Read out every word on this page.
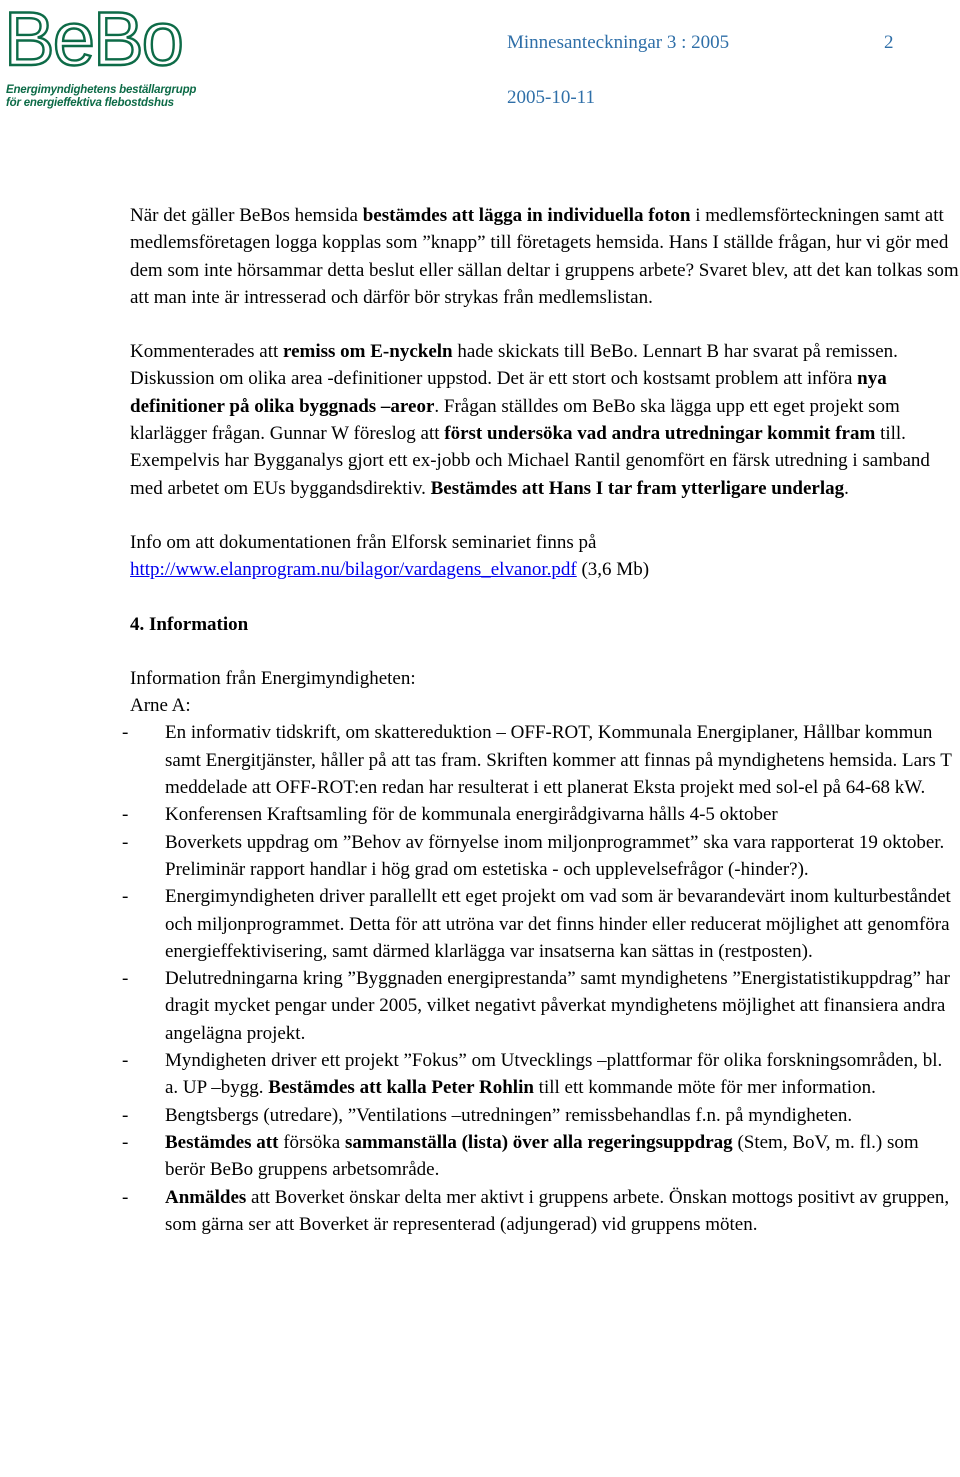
BeBo
Energimyndighetens beställargrupp
för energieffektiva flebostdshus
Minnesanteckningar 3 : 2005	2
2005-10-11

När det gäller BeBos hemsida bestämdes att lägga in individuella foton i medlemsförteckningen samt att medlemsföretagen logga kopplas som ”knapp” till företagets hemsida. Hans I ställde frågan, hur vi gör med dem som inte hörsammar detta beslut eller sällan deltar i gruppens arbete? Svaret blev, att det kan tolkas som att man inte är intresserad och därför bör strykas från medlemslistan.

Kommenterades att remiss om E-nyckeln hade skickats till BeBo. Lennart B har svarat på remissen.

Diskussion om olika area -definitioner uppstod. Det är ett stort och kostsamt problem att införa nya definitioner på olika byggnads –areor. Frågan ställdes om BeBo ska lägga upp ett eget projekt som klarlägger frågan. Gunnar W föreslog att först undersöka vad andra utredningar kommit fram till. Exempelvis har Bygganalys gjort ett ex-jobb och Michael Rantil genomfört en färsk utredning i samband med arbetet om EUs byggandsdirektiv. Bestämdes att Hans I tar fram ytterligare underlag.

Info om att dokumentationen från Elforsk seminariet finns på http://www.elanprogram.nu/bilagor/vardagens_elvanor.pdf (3,6 Mb)

4. Information

Information från Energimyndigheten:

Arne A:

- En informativ tidskrift, om skattereduktion – OFF-ROT, Kommunala Energiplaner, Hållbar kommun samt Energitjänster, håller på att tas fram. Skriften kommer att finnas på myndighetens hemsida. Lars T meddelade att OFF-ROT:en redan har resulterat i ett planerat Eksta projekt med sol-el på 64-68 kW.
- Konferensen Kraftsamling för de kommunala energirådgivarna hålls 4-5 oktober
- Boverkets uppdrag om ”Behov av förnyelse inom miljonprogrammet” ska vara rapporterat 19 oktober. Preliminär rapport handlar i hög grad om estetiska - och upplevelsefrågor (-hinder?).
- Energimyndigheten driver parallellt ett eget projekt om vad som är bevarandevärt inom kulturbeståndet och miljonprogrammet. Detta för att utröna var det finns hinder eller reducerat möjlighet att genomföra energieffektivisering, samt därmed klarlägga var insatserna kan sättas in (restposten).
- Delutredningarna kring ”Byggnaden energiprestanda” samt myndighetens ”Energistatistikuppdrag” har dragit mycket pengar under 2005, vilket negativt påverkat myndighetens möjlighet att finansiera andra angelägna projekt.
- Myndigheten driver ett projekt ”Fokus” om Utvecklings –plattformar för olika forskningsområden, bl. a. UP –bygg. Bestämdes att kalla Peter Rohlin till ett kommande möte för mer information.
- Bengtsbergs (utredare), ”Ventilations –utredningen” remissbehandlas f.n. på myndigheten.
- Bestämdes att försöka sammanställa (lista) över alla regeringsuppdrag (Stem, BoV, m. fl.) som berör BeBo gruppens arbetsområde.
- Anmäldes att Boverket önskar delta mer aktivt i gruppens arbete. Önskan mottogs positivt av gruppen, som gärna ser att Boverket är representerad (adjungerad) vid gruppens möten.
